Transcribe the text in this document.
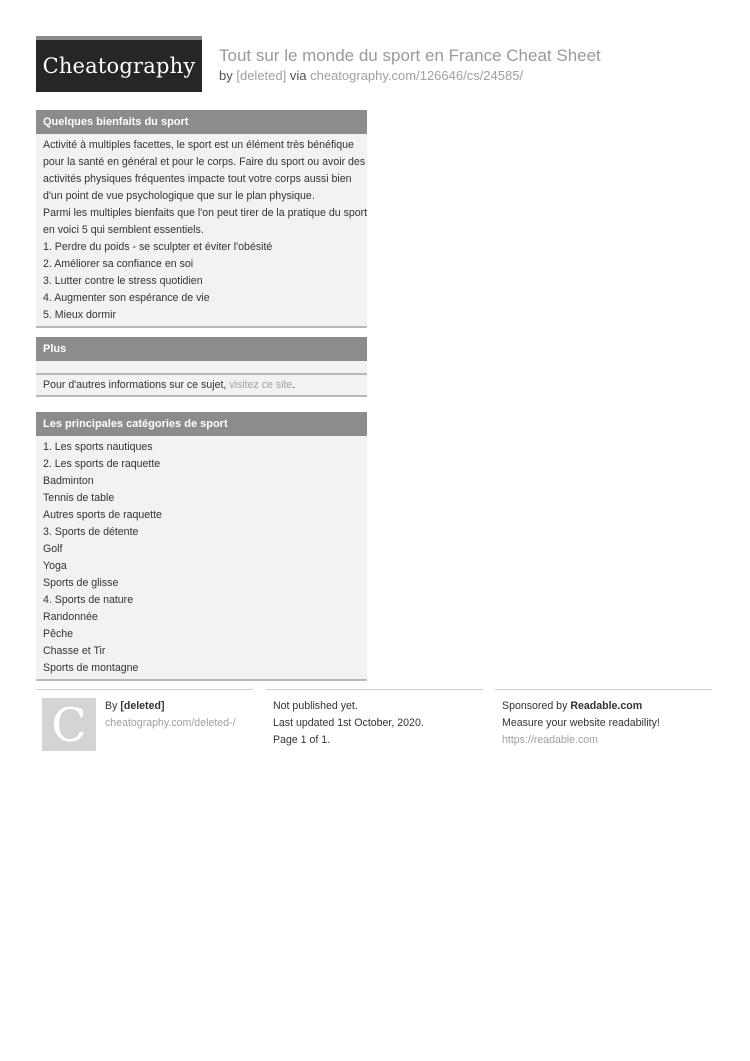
Cheatography Tout sur le monde du sport en France Cheat Sheet
by [deleted] via cheatography.com/126646/cs/24585/
Quelques bienfaits du sport
Activité à multiples facettes, le sport est un élément très bénéfique
pour la santé en général et pour le corps. Faire du sport ou avoir des
activités physiques fréquentes impacte tout votre corps aussi bien
d'un point de vue psychologique que sur le plan physique.
Parmi les multiples bienfaits que l'on peut tirer de la pratique du sport
en voici 5 qui semblent essentiels.
1. Perdre du poids - se sculpter et éviter l'obésité
2. Améliorer sa confiance en soi
3. Lutter contre le stress quotidien
4. Augmenter son espérance de vie
5. Mieux dormir
Plus
Pour d'autres informations sur ce sujet, visitez ce site.
Les principales catégories de sport
1. Les sports nautiques
2. Les sports de raquette
Badminton
Tennis de table
Autres sports de raquette
3. Sports de détente
Golf
Yoga
Sports de glisse
4. Sports de nature
Randonnée
Pêche
Chasse et Tir
Sports de montagne
C By [deleted]
cheatography.com/deleted-/
Not published yet.
Last updated 1st October, 2020.
Page 1 of 1.
Sponsored by Readable.com
Measure your website readability!
https://readable.com
